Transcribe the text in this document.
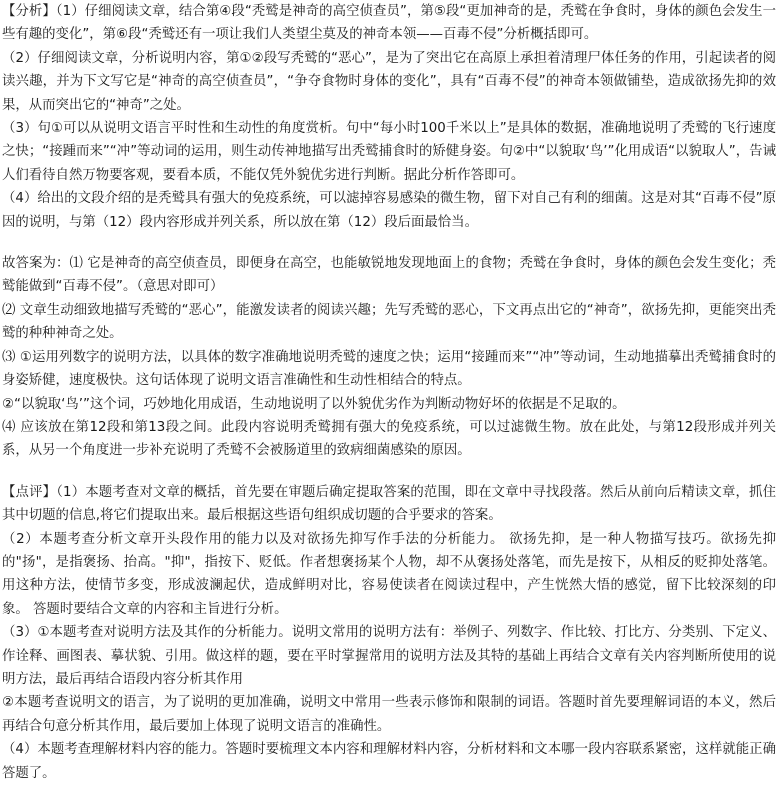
【分析】（1）仔细阅读文章，结合第④段“秃鹫是神奇的高空侦查员”，第⑤段“更加神奇的是，秃鹫在争食时，身体的颜色会发生一些有趣的变化”，第⑥段“秃鹫还有一项让我们人类望尘莫及的神奇本领——百毒不侵”分析概括即可。

（2）仔细阅读文章，分析说明内容，第①②段写秃鹫的“恶心”，是为了突出它在高原上承担着清理尸体任务的作用，引起读者的阅读兴趣，并为下文写它是“神奇的高空侦查员”，“争夺食物时身体的变化”，具有“百毒不侵”的神奇本领做铺垫，造成欲扬先抑的效果，从而突出它的“神奇”之处。

（3）句①可以从说明文语言平时性和生动性的角度赏析。句中“每小时100千米以上”是具体的数据，准确地说明了秃鹫的飞行速度之快；“接踵而来”“冲”等动词的运用，则生动传神地描写出秃鹫捕食时的矫健身姿。句②中“以貌取‘鸟’”化用成语“以貌取人”，告诫人们看待自然万物要客观，要看本质，不能仅凭外貌优劣进行判断。据此分析作答即可。

（4）给出的文段介绍的是秃鹫具有强大的免疫系统，可以滤掉容易感染的微生物，留下对自己有利的细菌。这是对其“百毒不侵”原因的说明，与第（12）段内容形成并列关系，所以放在第（12）段后面最恰当。

故答案为：⑴ 它是神奇的高空侦查员，即便身在高空，也能敏锐地发现地面上的食物；秃鹫在争食时，身体的颜色会发生变化；秃鹫能做到“百毒不侵”。（意思对即可）

⑵ 文章生动细致地描写秃鹫的“恶心”，能激发读者的阅读兴趣；先写秃鹫的恶心，下文再点出它的“神奇”，欲扬先抑，更能突出秃鹫的种种神奇之处。

⑶ ①运用列数字的说明方法，以具体的数字准确地说明秃鹫的速度之快；运用“接踵而来”“冲”等动词，生动地描摹出秃鹫捕食时的身姿矫健，速度极快。这句话体现了说明文语言准确性和生动性相结合的特点。

②“以貌取‘鸟’”这个词，巧妙地化用成语，生动地说明了以外貌优劣作为判断动物好坏的依据是不足取的。

⑷ 应该放在第12段和第13段之间。此段内容说明秃鹫拥有强大的免疫系统，可以过滤微生物。放在此处，与第12段形成并列关系，从另一个角度进一步补充说明了秃鹫不会被肠道里的致病细菌感染的原因。

【点评】（1）本题考查对文章的概括，首先要在审题后确定提取答案的范围，即在文章中寻找段落。然后从前向后精读文章，抓住其中切题的信息,将它们提取出来。最后根据这些语句组织成切题的合乎要求的答案。

（2）本题考查分析文章开头段作用的能力以及对欲扬先抑写作手法的分析能力。 欲扬先抑，是一种人物描写技巧。欲扬先抑的"扬"，是指褒扬、抬高。"抑"，指按下、贬低。作者想褒扬某个人物，却不从褒扬处落笔，而先是按下，从相反的贬抑处落笔。用这种方法，使情节多变，形成波澜起伏，造成鲜明对比，容易使读者在阅读过程中，产生恍然大悟的感觉，留下比较深刻的印象。 答题时要结合文章的内容和主旨进行分析。

（3）①本题考查对说明方法及其作的分析能力。说明文常用的说明方法有：举例子、列数字、作比较、打比方、分类别、下定义、作诠释、画图表、摹状貌、引用。做这样的题，要在平时掌握常用的说明方法及其特的基础上再结合文章有关内容判断所使用的说明方法，最后再结合语段内容分析其作用

②本题考查说明文的语言，为了说明的更加准确，说明文中常用一些表示修饰和限制的词语。答题时首先要理解词语的本义，然后再结合句意分析其作用，最后要加上体现了说明文语言的准确性。

（4）本题考查理解材料内容的能力。答题时要梳理文本内容和理解材料内容，分析材料和文本哪一段内容联系紧密，这样就能正确答题了。
